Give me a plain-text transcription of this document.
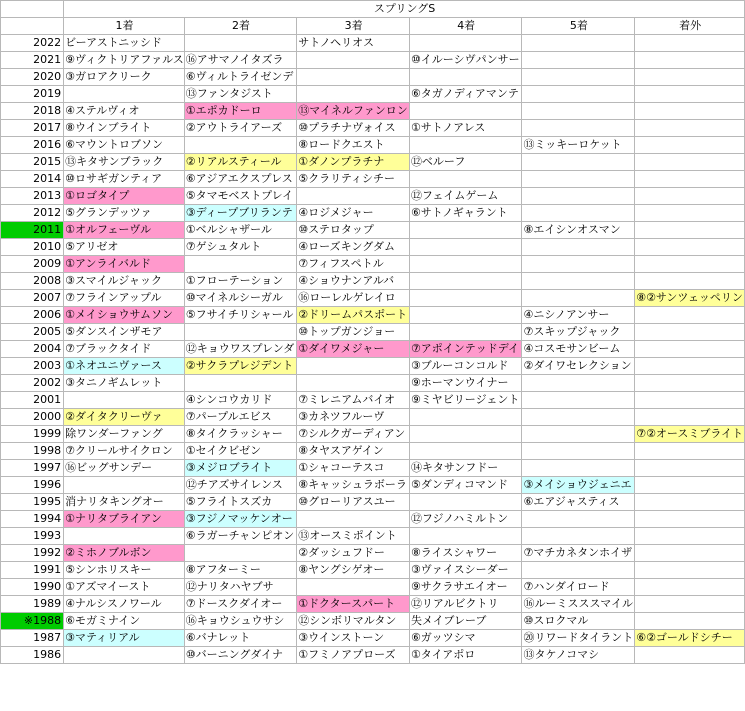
	スプリングS					
	1着	2着	3着	4着	5着	着外
2022	ビーアストニッシド		サトノヘリオス			
2021	⑨ヴィクトリアファルス	⑯アサマノイタズラ		⑩イルーシヴパンサー		
2020	③ガロアクリーク	⑥ヴィルトライゼンデ				
2019		⑬ファンタジスト		⑥タガノディアマンテ		
2018	④ステルヴィオ	①エポカドーロ	⑬マイネルファンロン			
2017	⑧ウインブライト	②アウトライアーズ	⑩プラチナヴォイス	①サトノアレス		
2016	⑥マウントロブソン		⑧ロードクエスト		⑬ミッキーロケット	
2015	⑬キタサンブラック	②リアルスティール	①ダノンプラチナ	⑫ベルーフ		
2014	⑩ロサギガンティア	⑥アジアエクスプレス	⑤クラリティシチー			
2013	①ロゴタイプ	⑤タマモベストプレイ		⑫フェイムゲーム		
2012	⑤グランデッツァ	③ディープブリランテ	④ロジメジャー	⑥サトノギャラント		
2011	①オルフェーヴル	①ベルシャザール	⑩ステロタップ		⑧エイシンオスマン	
2010	⑤アリゼオ	⑦ゲシュタルト	④ローズキングダム			
2009	①アンライバルド		⑦フィフスペトル			
2008	③スマイルジャック	①フローテーション	④ショウナンアルバ			
2007	⑦フラインアップル	⑩マイネルシーガル	⑯ローレルゲレイロ			⑧②サンツェッペリン
2006	①メイショウサムソン	⑤フサイチリシャール	②ドリームパスポート		④ニシノアンサー	
2005	⑤ダンスインザモア		⑩トップガンジョー		⑦スキップジャック	
2004	⑦ブラックタイド	⑫キョウワスプレンダ	①ダイワメジャー	⑦アポインテッドデイ	④コスモサンビーム	
2003	①ネオユニヴァース	②サクラプレジデント		③ブルーコンコルド	②ダイワセレクション	
2002	③タニノギムレット			⑨ホーマンウイナー		
2001		④シンコウカリド	⑦ミレニアムバイオ	⑨ミヤビリージェント		
2000	②ダイタクリーヴァ	⑦パープルエビス	③カネツフルーヴ			
1999	除ワンダーファング	⑧タイクラッシャー	⑦シルクガーディアン			⑦②オースミブライト
1998	⑦クリールサイクロン	①セイクビゼン	⑧タヤスアゲイン			
1997	⑯ビッグサンデー	③メジロブライト	①シャコーテスコ	⑭キタサンフドー		
1996		⑫チアズサイレンス	⑧キャッシュラボーラ	⑤ダンディコマンド	③メイショウジェニエ	
1995	消ナリタキングオー	⑤フライトスズカ	⑩グローリアスユー		⑥エアジャスティス	
1994	①ナリタブライアン	③フジノマッケンオー		⑫フジノハミルトン		
1993		⑥ラガーチャンピオン	⑬オースミポイント			
1992	②ミホノブルボン		②ダッシュフドー	⑧ライスシャワー	⑦マチカネタンホイザ	
1991	⑤シンホリスキー	⑧アフターミー	⑧ヤングシゲオー	③ヴァイスシーダー		
1990	①アズマイースト	⑫ナリタハヤブサ		⑨サクラサエイオー	⑦ハンダイロード	
1989	④ナルシスノワール	⑦ドースクダイオー	①ドクタースパート	⑫リアルビクトリ	⑯ルーミスススマイル	
※1988	⑥モガミナイン	⑯キョウシュウサシ	⑫シンボリマルタン	失メイブレーブ	⑩スロクマル	
1987	③マティリアル	⑥バナレット	③ウインストーン	⑥ガッツシマ	⑳リワードタイラント	⑥②ゴールドシチー
1986		⑩バーニングダイナ	①フミノアプローズ	①タイアポロ	⑬タケノコマシ	
